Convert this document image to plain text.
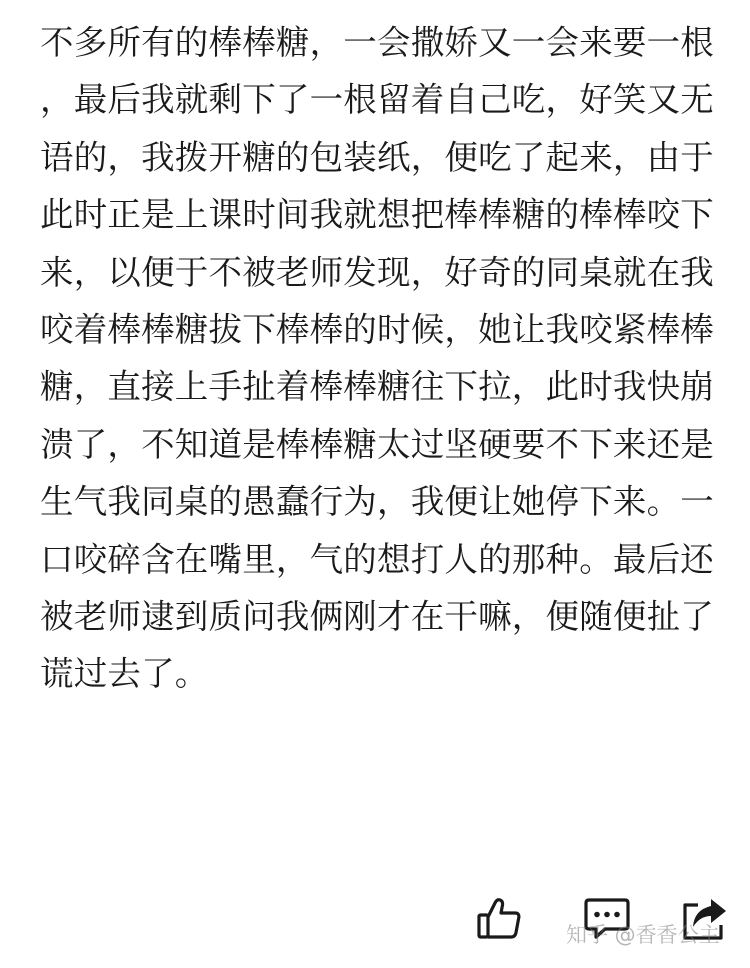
不多所有的棒棒糖，一会撒娇又一会来要一根
，最后我就剩下了一根留着自己吃，好笑又无
语的，我拨开糖的包装纸，便吃了起来，由于
此时正是上课时间我就想把棒棒糖的棒棒咬下
来，以便于不被老师发现，好奇的同桌就在我
咬着棒棒糖拔下棒棒的时候，她让我咬紧棒棒
糖，直接上手扯着棒棒糖往下拉，此时我快崩
溃了，不知道是棒棒糖太过坚硬要不下来还是
生气我同桌的愚蠢行为，我便让她停下来。一
口咬碎含在嘴里，气的想打人的那种。最后还
被老师逮到质问我俩刚才在干嘛，便随便扯了
谎过去了。
知乎 @香香公主
